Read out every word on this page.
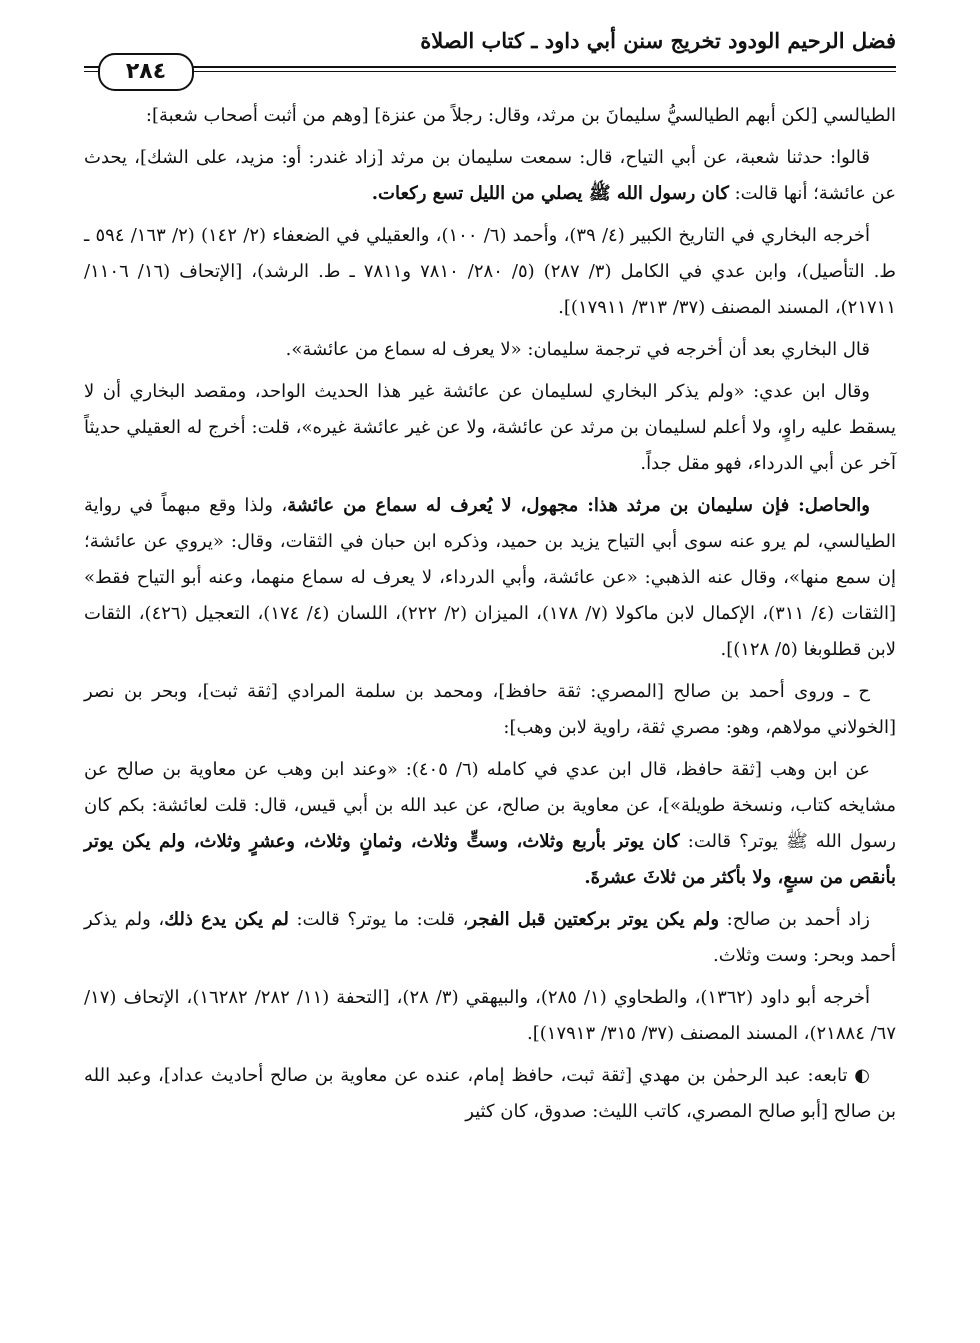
فضل الرحيم الودود تخريج سنن أبي داود ـ كتاب الصلاة
٢٨٤

الطيالسي [لكن أبهم الطيالسيُّ سليمانَ بن مرثد، وقال: رجلاً من عنزة] [وهم من أثبت أصحاب شعبة]:

قالوا: حدثنا شعبة، عن أبي التياح، قال: سمعت سليمان بن مرثد [زاد غندر: أو: مزيد، على الشك]، يحدث عن عائشة؛ أنها قالت: كان رسول الله ﷺ يصلي من الليل تسع ركعات.

أخرجه البخاري في التاريخ الكبير (٤/ ٣٩)، وأحمد (٦/ ١٠٠)، والعقيلي في الضعفاء (٢/ ١٤٢) (٢/ ١٦٣/ ٥٩٤ ـ ط. التأصيل)، وابن عدي في الكامل (٣/ ٢٨٧) (٥/ ٢٨٠/ ٧٨١٠ و٧٨١١ ـ ط. الرشد)، [الإتحاف (١٦/ ١١٠٦/ ٢١٧١١)، المسند المصنف (٣٧/ ٣١٣/ ١٧٩١١)].

قال البخاري بعد أن أخرجه في ترجمة سليمان: «لا يعرف له سماع من عائشة».

وقال ابن عدي: «ولم يذكر البخاري لسليمان عن عائشة غير هذا الحديث الواحد، ومقصد البخاري أن لا يسقط عليه راوٍ، ولا أعلم لسليمان بن مرثد عن عائشة، ولا عن غير عائشة غيره»، قلت: أخرج له العقيلي حديثاً آخر عن أبي الدرداء، فهو مقل جداً.

والحاصل: فإن سليمان بن مرثد هذا: مجهول، لا يُعرف له سماع من عائشة، ولذا وقع مبهماً في رواية الطيالسي، لم يرو عنه سوى أبي التياح يزيد بن حميد، وذكره ابن حبان في الثقات، وقال: «يروي عن عائشة؛ إن سمع منها»، وقال عنه الذهبي: «عن عائشة، وأبي الدرداء، لا يعرف له سماع منهما، وعنه أبو التياح فقط» [الثقات (٤/ ٣١١)، الإكمال لابن ماكولا (٧/ ١٧٨)، الميزان (٢/ ٢٢٢)، اللسان (٤/ ١٧٤)، التعجيل (٤٢٦)، الثقات لابن قطلوبغا (٥/ ١٢٨)].

ح ـ وروى أحمد بن صالح [المصري: ثقة حافظ]، ومحمد بن سلمة المرادي [ثقة ثبت]، وبحر بن نصر [الخولاني مولاهم، وهو: مصري ثقة، راوية لابن وهب]:

عن ابن وهب [ثقة حافظ، قال ابن عدي في كامله (٦/ ٤٠٥): «وعند ابن وهب عن معاوية بن صالح عن مشايخه كتاب، ونسخة طويلة»]، عن معاوية بن صالح، عن عبد الله بن أبي قيس، قال: قلت لعائشة: بكم كان رسول الله ﷺ يوتر؟ قالت: كان يوتر بأربع وثلاث، وستٍّ وثلاث، وثمانٍ وثلاث، وعشرٍ وثلاث، ولم يكن يوتر بأنقص من سبعٍ، ولا بأكثر من ثلاثَ عشرةَ.

زاد أحمد بن صالح: ولم يكن يوتر بركعتين قبل الفجر، قلت: ما يوتر؟ قالت: لم يكن يدع ذلك، ولم يذكر أحمد وبحر: وست وثلاث.

أخرجه أبو داود (١٣٦٢)، والطحاوي (١/ ٢٨٥)، والبيهقي (٣/ ٢٨)، [التحفة (١١/ ٢٨٢/ ١٦٢٨٢)، الإتحاف (١٧/ ٦٧/ ٢١٨٨٤)، المسند المصنف (٣٧/ ٣١٥/ ١٧٩١٣)].

◐ تابعه: عبد الرحمٰن بن مهدي [ثقة ثبت، حافظ إمام، عنده عن معاوية بن صالح أحاديث عداد]، وعبد الله بن صالح [أبو صالح المصري، كاتب الليث: صدوق، كان كثير
